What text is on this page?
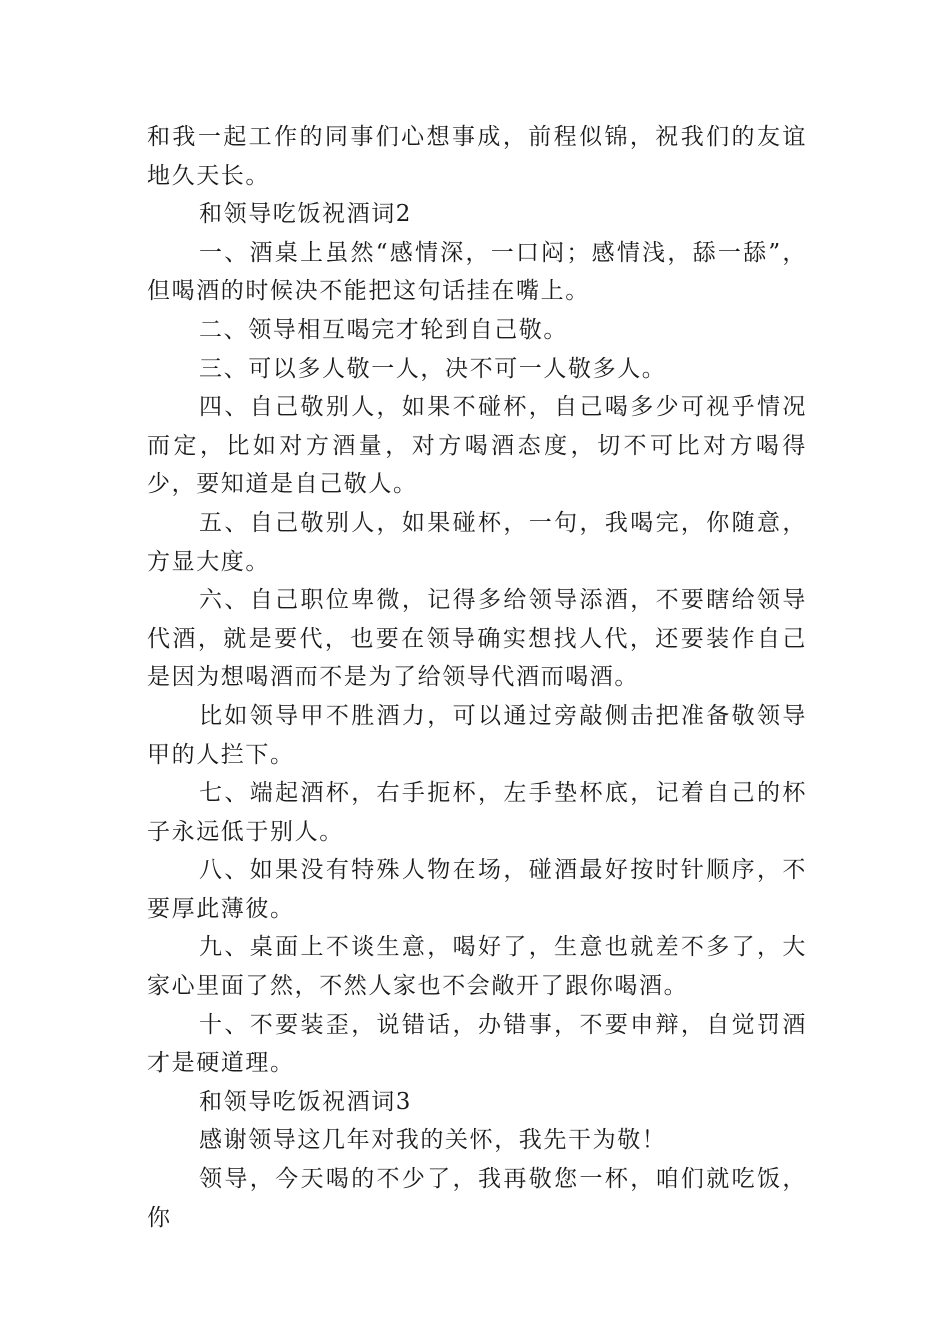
和我一起工作的同事们心想事成，前程似锦，祝我们的友谊地久天长。

和领导吃饭祝酒词2

一、酒桌上虽然“感情深，一口闷；感情浅，舔一舔”，但喝酒的时候决不能把这句话挂在嘴上。

二、领导相互喝完才轮到自己敬。

三、可以多人敬一人，决不可一人敬多人。

四、自己敬别人，如果不碰杯，自己喝多少可视乎情况而定，比如对方酒量，对方喝酒态度，切不可比对方喝得少，要知道是自己敬人。

五、自己敬别人，如果碰杯，一句，我喝完，你随意，方显大度。

六、自己职位卑微，记得多给领导添酒，不要瞎给领导代酒，就是要代，也要在领导确实想找人代，还要装作自己是因为想喝酒而不是为了给领导代酒而喝酒。

比如领导甲不胜酒力，可以通过旁敲侧击把准备敬领导甲的人拦下。

七、端起酒杯，右手扼杯，左手垫杯底，记着自己的杯子永远低于别人。

八、如果没有特殊人物在场，碰酒最好按时针顺序，不要厚此薄彼。

九、桌面上不谈生意，喝好了，生意也就差不多了，大家心里面了然，不然人家也不会敞开了跟你喝酒。

十、不要装歪，说错话，办错事，不要申辩，自觉罚酒才是硬道理。

和领导吃饭祝酒词3

感谢领导这几年对我的关怀，我先干为敬！

领导，今天喝的不少了，我再敬您一杯，咱们就吃饭，你
